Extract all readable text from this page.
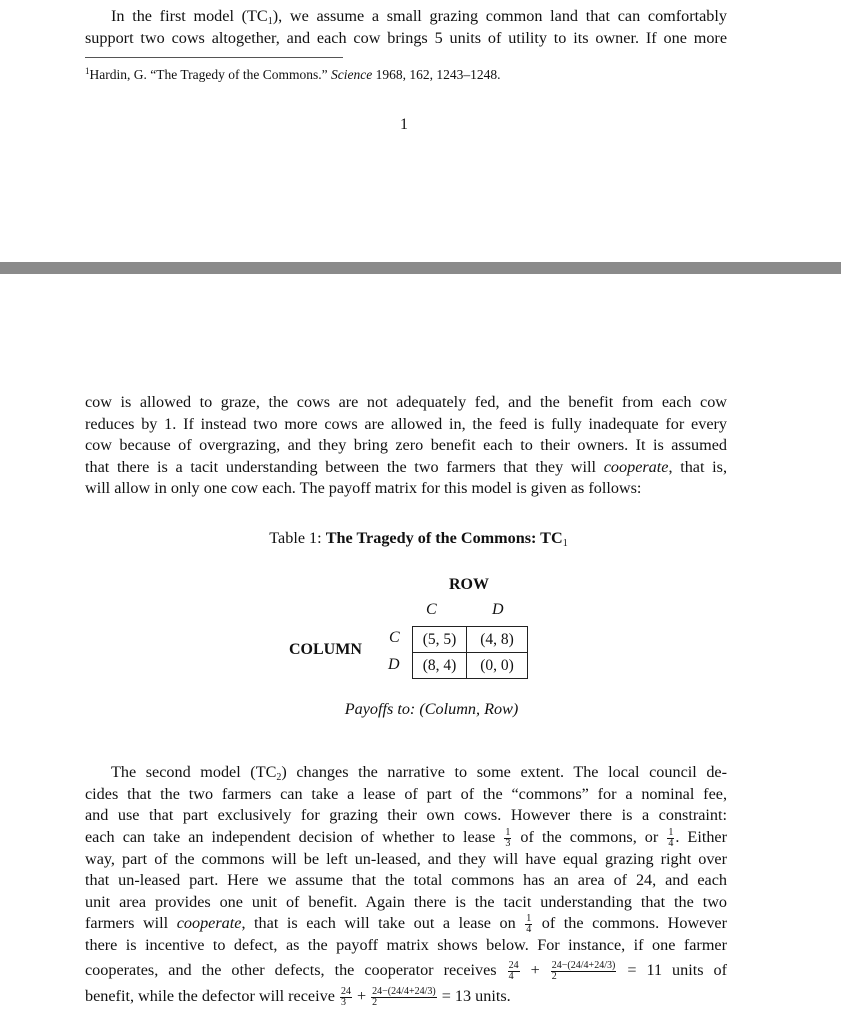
In the first model $(TC_1)$, we assume a small grazing common land that can comfortably
support two cows altogether, and each cow brings 5 units of utility to its owner. If one more
$^1$Hardin, G. “The Tragedy of the Commons.” Science 1968, 162, 1243–1248.
1
cow is allowed to graze, the cows are not adequately fed, and the benefit from each cow
reduces by 1. If instead two more cows are allowed in, the feed is fully inadequate for every
cow because of overgrazing, and they bring zero benefit each to their owners. It is assumed
that there is a tacit understanding between the two farmers that they will cooperate, that is,
will allow in only one cow each. The payoff matrix for this model is given as follows:
Table 1: The Tragedy of the Commons: $TC_1$
ROW
C	D
COLUMN
C
D
(5, 5)	(4, 8)
(8, 4)	(0, 0)
Payoffs to: (Column, Row)
The second model $(TC_2)$ changes the narrative to some extent. The local council de-
cides that the two farmers can take a lease of part of the “commons” for a nominal fee,
and use that part exclusively for grazing their own cows. However there is a constraint:
each can take an independent decision of whether to lease $\frac{1}{3}$ of the commons, or $\frac{1}{4}$ . Either
way, part of the commons will be left un-leased, and they will have equal grazing right over
that un-leased part. Here we assume that the total commons has an area of 24, and each
unit area provides one unit of benefit. Again there is the tacit understanding that the two
farmers will cooperate, that is each will take out a lease on $\frac{1}{4}$ of the commons. However
there is incentive to defect, as the payoff matrix shows below. For instance, if one farmer
cooperates, and the other defects, the cooperator receives $\frac{24}{4} + \frac{24-(24/4+24/3)}{2} = 11$ units of
benefit, while the defector will receive $\frac{24}{3} + \frac{24-(24/4+24/3)}{2} = 13$ units.
